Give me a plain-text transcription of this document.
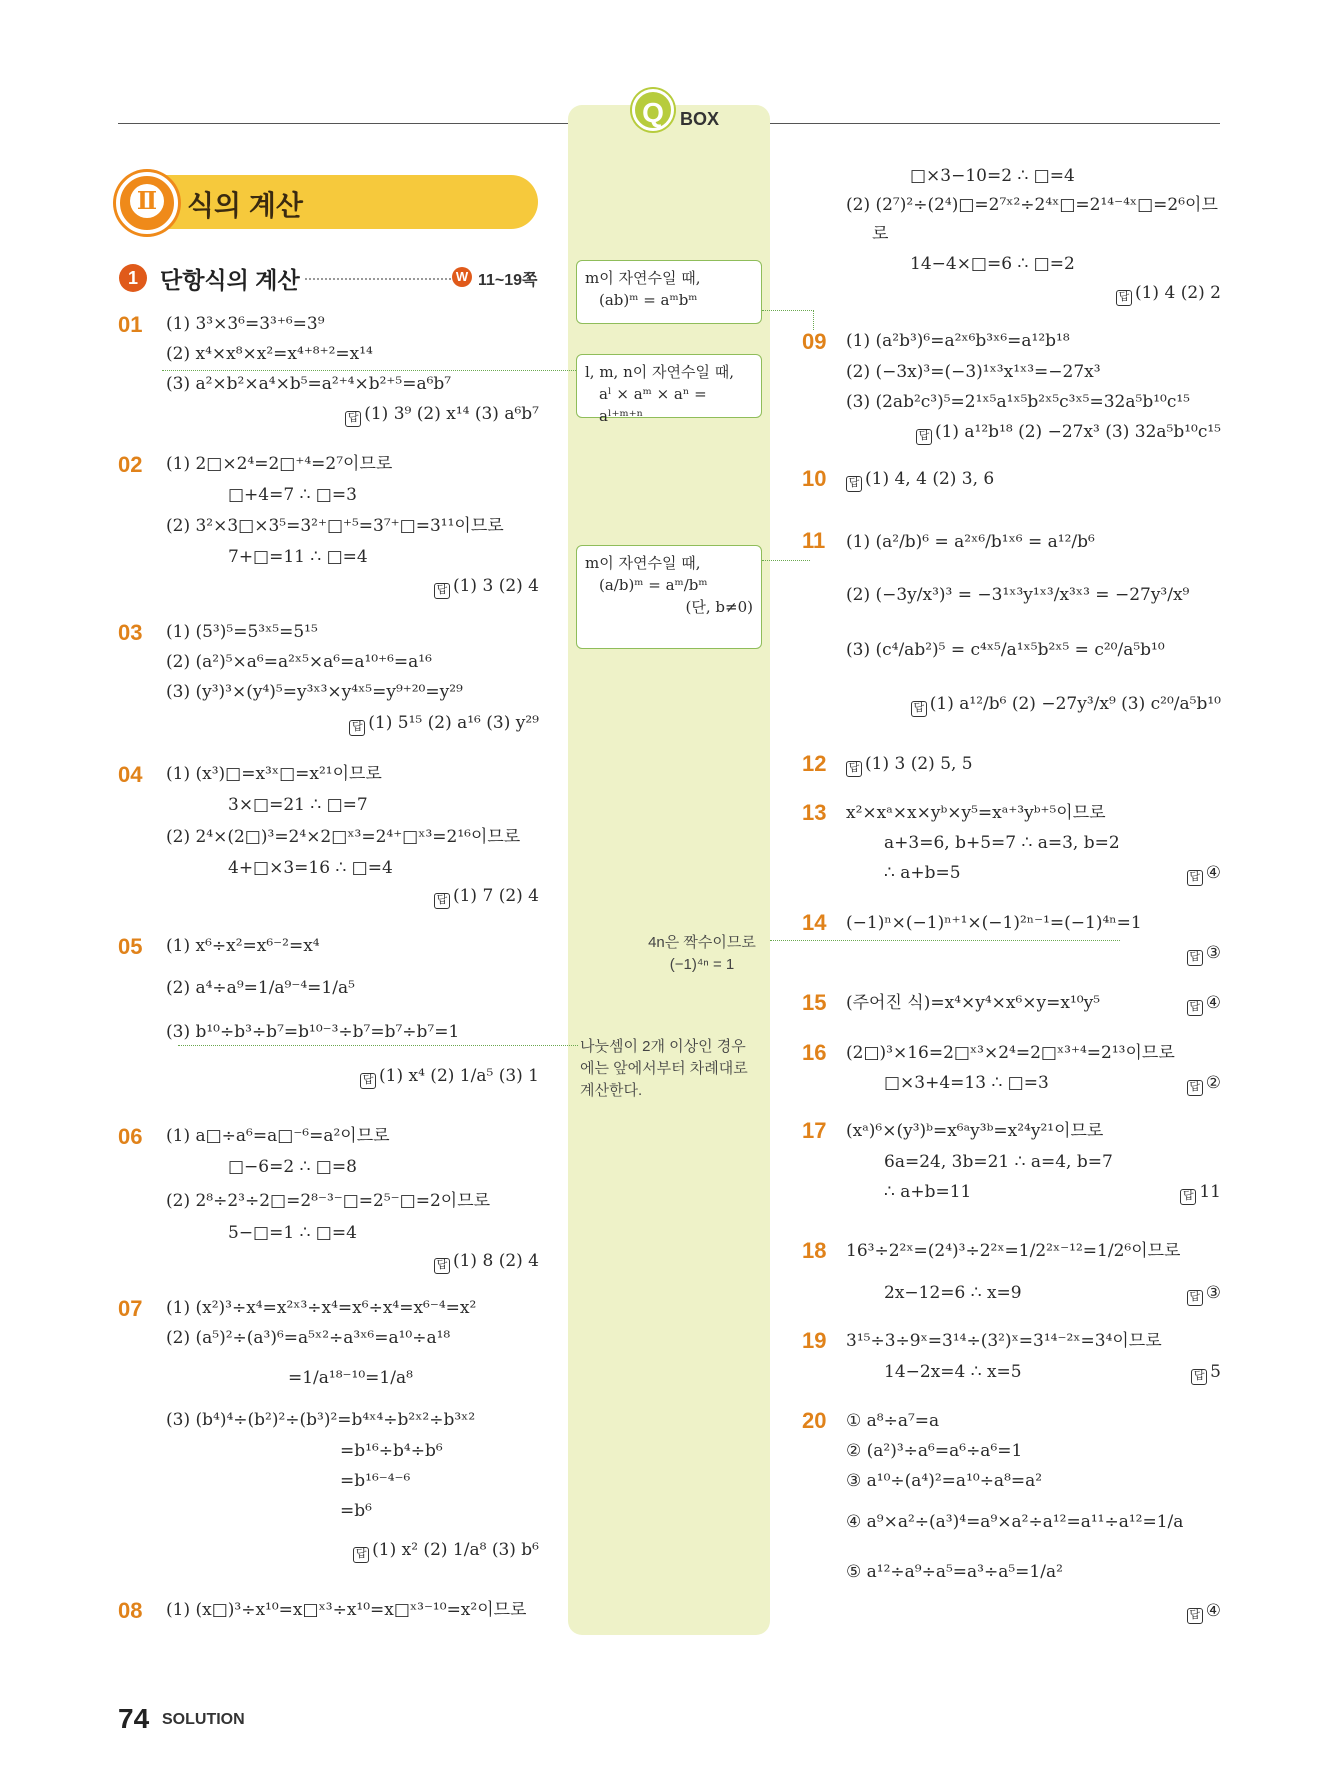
Q BOX
Ⅱ 식의 계산
1 단항식의 계산	W 11~19쪽	m이 자연수일 때,
(ab)ᵐ = aᵐbᵐ
l, m, n이 자연수일 때,
aˡ × aᵐ × aⁿ = aˡ⁺ᵐ⁺ⁿ
m이 자연수일 때,
(a/b)ᵐ = aᵐ/bᵐ
(단, b≠0)
4n은 짝수이므로
(−1)⁴ⁿ = 1
나눗셈이 2개 이상인 경우
에는 앞에서부터 차례대로
계산한다.
01 (1) 3³×3⁶=3³⁺⁶=3⁹
(2) x⁴×x⁸×x²=x⁴⁺⁸⁺²=x¹⁴
(3) a²×b²×a⁴×b⁵=a²⁺⁴×b²⁺⁵=a⁶b⁷
답 (1) 3⁹ (2) x¹⁴ (3) a⁶b⁷
02 (1) 2□×2⁴=2□⁺⁴=2⁷이므로
□+4=7 ∴ □=3
(2) 3²×3□×3⁵=3²⁺□⁺⁵=3⁷⁺□=3¹¹이므로
7+□=11 ∴ □=4
답 (1) 3 (2) 4
03 (1) (5³)⁵=5³ˣ⁵=5¹⁵
(2) (a²)⁵×a⁶=a²ˣ⁵×a⁶=a¹⁰⁺⁶=a¹⁶
(3) (y³)³×(y⁴)⁵=y³ˣ³×y⁴ˣ⁵=y⁹⁺²⁰=y²⁹
답 (1) 5¹⁵ (2) a¹⁶ (3) y²⁹
04 (1) (x³)□=x³ˣ□=x²¹이므로
3×□=21 ∴ □=7
(2) 2⁴×(2□)³=2⁴×2□ˣ³=2⁴⁺□ˣ³=2¹⁶이므로
4+□×3=16 ∴ □=4
답 (1) 7 (2) 4
05 (1) x⁶÷x²=x⁶⁻²=x⁴
(2) a⁴÷a⁹=1/a⁹⁻⁴=1/a⁵
(3) b¹⁰÷b³÷b⁷=b¹⁰⁻³÷b⁷=b⁷÷b⁷=1
답 (1) x⁴ (2) 1/a⁵ (3) 1
06 (1) a□÷a⁶=a□⁻⁶=a²이므로
□−6=2 ∴ □=8
(2) 2⁸÷2³÷2□=2⁸⁻³⁻□=2⁵⁻□=2이므로
5−□=1 ∴ □=4
답 (1) 8 (2) 4
07 (1) (x²)³÷x⁴=x²ˣ³÷x⁴=x⁶÷x⁴=x⁶⁻⁴=x²
(2) (a⁵)²÷(a³)⁶=a⁵ˣ²÷a³ˣ⁶=a¹⁰÷a¹⁸
=1/a¹⁸⁻¹⁰=1/a⁸
(3) (b⁴)⁴÷(b²)²÷(b³)²=b⁴ˣ⁴÷b²ˣ²÷b³ˣ²
=b¹⁶÷b⁴÷b⁶
=b¹⁶⁻⁴⁻⁶
=b⁶
답 (1) x² (2) 1/a⁸ (3) b⁶
08 (1) (x□)³÷x¹⁰=x□ˣ³÷x¹⁰=x□ˣ³⁻¹⁰=x²이므로
□×3−10=2 ∴ □=4
(2) (2⁷)²÷(2⁴)□=2⁷ˣ²÷2⁴ˣ□=2¹⁴⁻⁴ˣ□=2⁶이므
로
14−4×□=6 ∴ □=2
답 (1) 4 (2) 2
09 (1) (a²b³)⁶=a²ˣ⁶b³ˣ⁶=a¹²b¹⁸
(2) (−3x)³=(−3)¹ˣ³x¹ˣ³=−27x³
(3) (2ab²c³)⁵=2¹ˣ⁵a¹ˣ⁵b²ˣ⁵c³ˣ⁵=32a⁵b¹⁰c¹⁵
답 (1) a¹²b¹⁸ (2) −27x³ (3) 32a⁵b¹⁰c¹⁵
10 답 (1) 4, 4 (2) 3, 6
11 (1) (a²/b)⁶ = a²ˣ⁶/b¹ˣ⁶ = a¹²/b⁶
(2) (−3y/x³)³ = −3¹ˣ³y¹ˣ³/x³ˣ³ = −27y³/x⁹
(3) (c⁴/ab²)⁵ = c⁴ˣ⁵/a¹ˣ⁵b²ˣ⁵ = c²⁰/a⁵b¹⁰
답 (1) a¹²/b⁶ (2) −27y³/x⁹ (3) c²⁰/a⁵b¹⁰
12 답 (1) 3 (2) 5, 5
13 x²×xᵃ×x×yᵇ×y⁵=xᵃ⁺³yᵇ⁺⁵이므로
a+3=6, b+5=7 ∴ a=3, b=2
∴ a+b=5	답 ④
14 (−1)ⁿ×(−1)ⁿ⁺¹×(−1)²ⁿ⁻¹=(−1)⁴ⁿ=1
답 ③
15 (주어진 식)=x⁴×y⁴×x⁶×y=x¹⁰y⁵	답 ④
16 (2□)³×16=2□ˣ³×2⁴=2□ˣ³⁺⁴=2¹³이므로
□×3+4=13 ∴ □=3	답 ②
17 (xᵃ)⁶×(y³)ᵇ=x⁶ᵃy³ᵇ=x²⁴y²¹이므로
6a=24, 3b=21 ∴ a=4, b=7
∴ a+b=11	답 11
18 16³÷2²ˣ=(2⁴)³÷2²ˣ=1/2²ˣ⁻¹²=1/2⁶이므로
2x−12=6 ∴ x=9	답 ③
19 3¹⁵÷3÷9ˣ=3¹⁴÷(3²)ˣ=3¹⁴⁻²ˣ=3⁴이므로
14−2x=4 ∴ x=5	답 5
20 ① a⁸÷a⁷=a
② (a²)³÷a⁶=a⁶÷a⁶=1
③ a¹⁰÷(a⁴)²=a¹⁰÷a⁸=a²
④ a⁹×a²÷(a³)⁴=a⁹×a²÷a¹²=a¹¹÷a¹²=1/a
⑤ a¹²÷a⁹÷a⁵=a³÷a⁵=1/a²
답 ④
74 SOLUTION
